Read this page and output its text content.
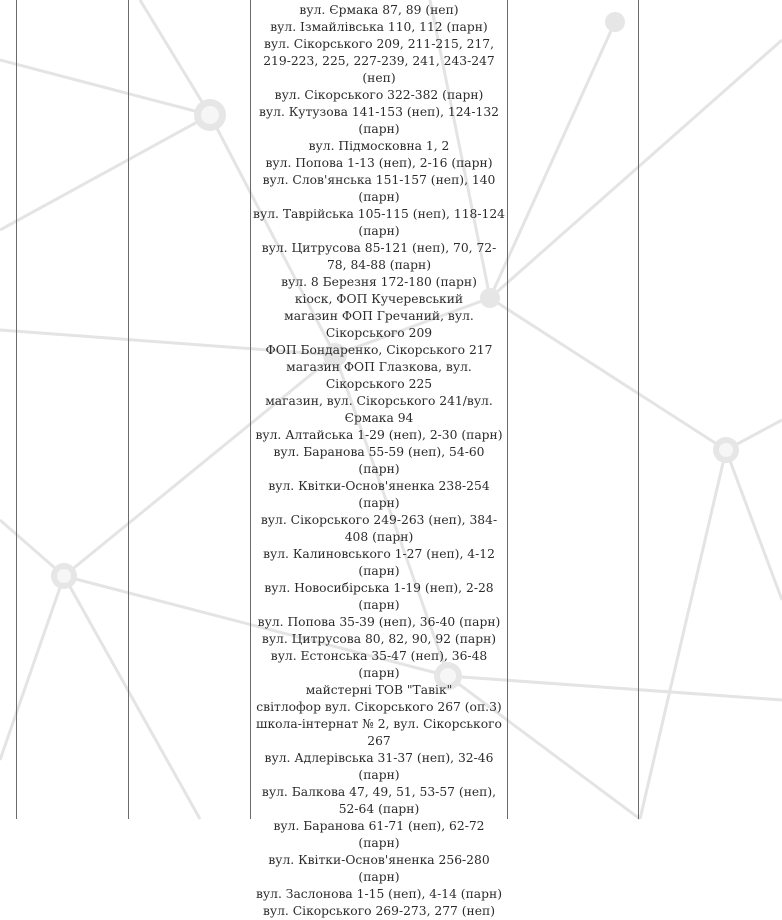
вул. Єрмака 87, 89 (неп)
вул. Ізмайлівська 110, 112 (парн)
вул. Сікорського 209, 211-215, 217, 219-223, 225, 227-239, 241, 243-247 (неп)
вул. Сікорського 322-382 (парн)
вул. Кутузова 141-153 (неп), 124-132 (парн)
вул. Підмосковна 1, 2
вул. Попова 1-13 (неп), 2-16 (парн)
вул. Слов'янська 151-157 (неп), 140 (парн)
вул. Таврійська 105-115 (неп), 118-124 (парн)
вул. Цитрусова 85-121 (неп), 70, 72-78, 84-88 (парн)
вул. 8 Березня 172-180 (парн)
кіоск, ФОП Кучеревський
магазин ФОП Гречаний, вул. Сікорського 209
ФОП Бондаренко, Сікорського 217
магазин ФОП Глазкова, вул. Сікорського 225
магазин, вул. Сікорського 241/вул. Єрмака 94
вул. Алтайська 1-29 (неп), 2-30 (парн)
вул. Баранова 55-59 (неп), 54-60 (парн)
вул. Квітки-Основ'яненка 238-254 (парн)
вул. Сікорського 249-263 (неп), 384-408 (парн)
вул. Калиновського 1-27 (неп), 4-12 (парн)
вул. Новосибірська 1-19 (неп), 2-28 (парн)
вул. Попова 35-39 (неп), 36-40 (парн)
вул. Цитрусова 80, 82, 90, 92 (парн)
вул. Естонська 35-47 (неп), 36-48 (парн)
майстерні ТОВ "Тавік"
світлофор вул. Сікорського 267 (оп.3)
школа-інтернат № 2, вул. Сікорського 267
вул. Адлерівська 31-37 (неп), 32-46 (парн)
вул. Балкова 47, 49, 51, 53-57 (неп), 52-64 (парн)
вул. Баранова 61-71 (неп), 62-72 (парн)
вул. Квітки-Основ'яненка 256-280 (парн)
вул. Заслонова 1-15 (неп), 4-14 (парн)
вул. Сікорського 269-273, 277 (неп)
